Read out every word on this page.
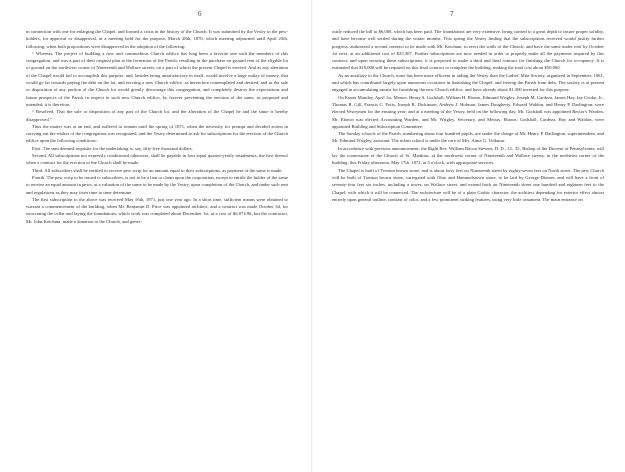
6

in connection with one for enlarging the Chapel, and formed a crisis in the history of the Church. It was submitted by the Vestry to the pew-holders, for approval or disapproval, at a meeting held for the purpose, March 28th, 1870, which meeting adjourned until April 23th, following, when both propositions were disapproved in the adoption of the following:

“ Whereas, The project of building a new and commodious Church edifice has long been a favorite one with the members of this congregation, and was a part of their original plan at the formation of the Parish, resulting in the purchase on ground rent of the eligible lot of ground on the northwest corner of Nineteenth and Wallace streets, on a part of which the present Chapel is erected. And as any alteration of the Chapel would fail to accomplish this purpose, and, besides being unsatisfactory in itself, would involve a large outlay of money, that would go far towards paying the debt on the lot, and erecting a new Church edifice, as heretofore contemplated and desired; and as the sale or disposition of any portion of the Church lot would greatly discourage this congregation, and completely destroy the expectations and future prospects of the Parish in respect to such new Church edifice, by forever preventing the erection of the same, as proposed and intended; it is therefore,

“ Resolved, That the sale or disposition of any part of the Church lot, and the alteration of the Chapel be and the same is hereby disapproved.”

Thus the matter was at an end, and suffered to remain until the spring of 1871, when the necessity for prompt and decided action in carrying out the wishes of the congregation was recognized, and the Vestry determined to ask for subscriptions for the erection of the Church edifice upon the following conditions:

First. The sum deemed requisite for the undertaking is, say, fifty-five thousand dollars.

Second. All subscriptions not expressly conditioned otherwise, shall be payable in four equal quarter-yearly instalments, the first thereof when a contract for the erection of the Church shall be made.

Third. All subscribers shall be entitled to receive pew scrip for an amount equal to their subscriptions, as payment of the same is made.

Fourth. The pew scrip to be issued to subscribers, is not to be a lien or claim upon the corporation, except to entitle the holder of the same to receive an equal amount in pews, at a valuation of the same to be made by the Vestry, upon completion of the Church, and under such rent and regulations as they may from time to time determine.

The first subscription to the above was received May 16th, 1871, just one year ago. In a short time, sufficient means were obtained to warrant a commencement of the building, when Mr. Benjamin D. Price was appointed architect, and a contract was made October 3d, for excavating the cellar and laying the foundations, which work was completed about December 1st, at a cost of $6,874.96, but the contractor, Mr. John Ketcham, made a donation to the Church, and gener-

7

ously reduced the bill to $6,000, which has been paid. The foundations are very extensive, being carried to a great depth to insure proper solidity, and have become well settled during the winter months. This spring the Vestry finding that the subscriptions received would justify further progress, authorized a second contract to be made with Mr. Ketcham, to erect the walls of the Church, and have the same under roof by October 1st next, at an additional cost of $25,307. Further subscriptions are now needed in order to properly make all the payments required by this contract; and upon securing these subscriptions, it is proposed to make a third and final contract for finishing the Church for occupancy. It is estimated that $18,000 will be required on this final contract to complete the building, making the total cost about $50,000.

As an auxiliary to the Church, none has been more efficient in aiding the Vestry than the Ladies' Mite Society, organized in September, 1861, and which has contributed largely upon numerous occasions in furnishing the Chapel, and freeing the Parish from debt. The society is at present engaged in accumulating means for furnishing the new Church edifice, and have already about $1,300 invested for this purpose.

On Easter Monday, April 1st, Messrs. Henry S. Godshall, William H. Ebawn, Edmund Wrigley, Joseph M. Cardeza, James Hay, Jay Cooke, Jr., Thomas R. Gill, Francis C. Potts, Joseph R. Dickinson, Andrew J. Holman, James Dougherty, Edward Waldon, and Henry P. Darlington, were elected Vestrymen for the ensuing year; and at a meeting of the Vestry, held on the following day, Mr. Godshall was appointed Rector's Warden, Mr. Ebawn was elected Accounting Warden, and Mr. Wrigley, Secretary, and Messrs. Ebawn, Godshall, Cardeza, Hay and Waldon, were appointed Building and Subscription Committee.

The Sunday schools of the Parish, numbering about four hundred pupils, are under the charge of Mr. Henry P. Darlington, superintendent, and Mr. Edmund Wrigley, assistant. The infant school is under the care of Mrs. Anna G. Volkmar.

In accordance with previous announcement, the Right Rev. William Bacon Stevens, D. D., LL. D., Bishop of the Diocese of Pennsylvania, will lay the cornerstone of the Church of St. Matthias, at the northwest corner of Nineteenth and Wallace streets, in the northeast corner of the building, this Friday afternoon, May 17th, 1872, at 5 o'clock, with appropriate services.

The Chapel is built of Trenton brown stone, and is about forty feet on Nineteenth street by eighty-seven feet on North street. The new Church will be built of Trenton brown stone, variegated with Ohio and Hummelstown stone, to be laid by George Diemer, and will have a front of seventy-four feet six inches, including a tower, on Wallace street, and extend back on Nineteenth street one hundred and eighteen feet to the Chapel, with which it will be connected. The architecture will be of a plain Gothic character, the architect depending for exterior effect almost entirely upon general outline, contrast of color, and a few prominent striking features, using very little ornament. The main entrance on
